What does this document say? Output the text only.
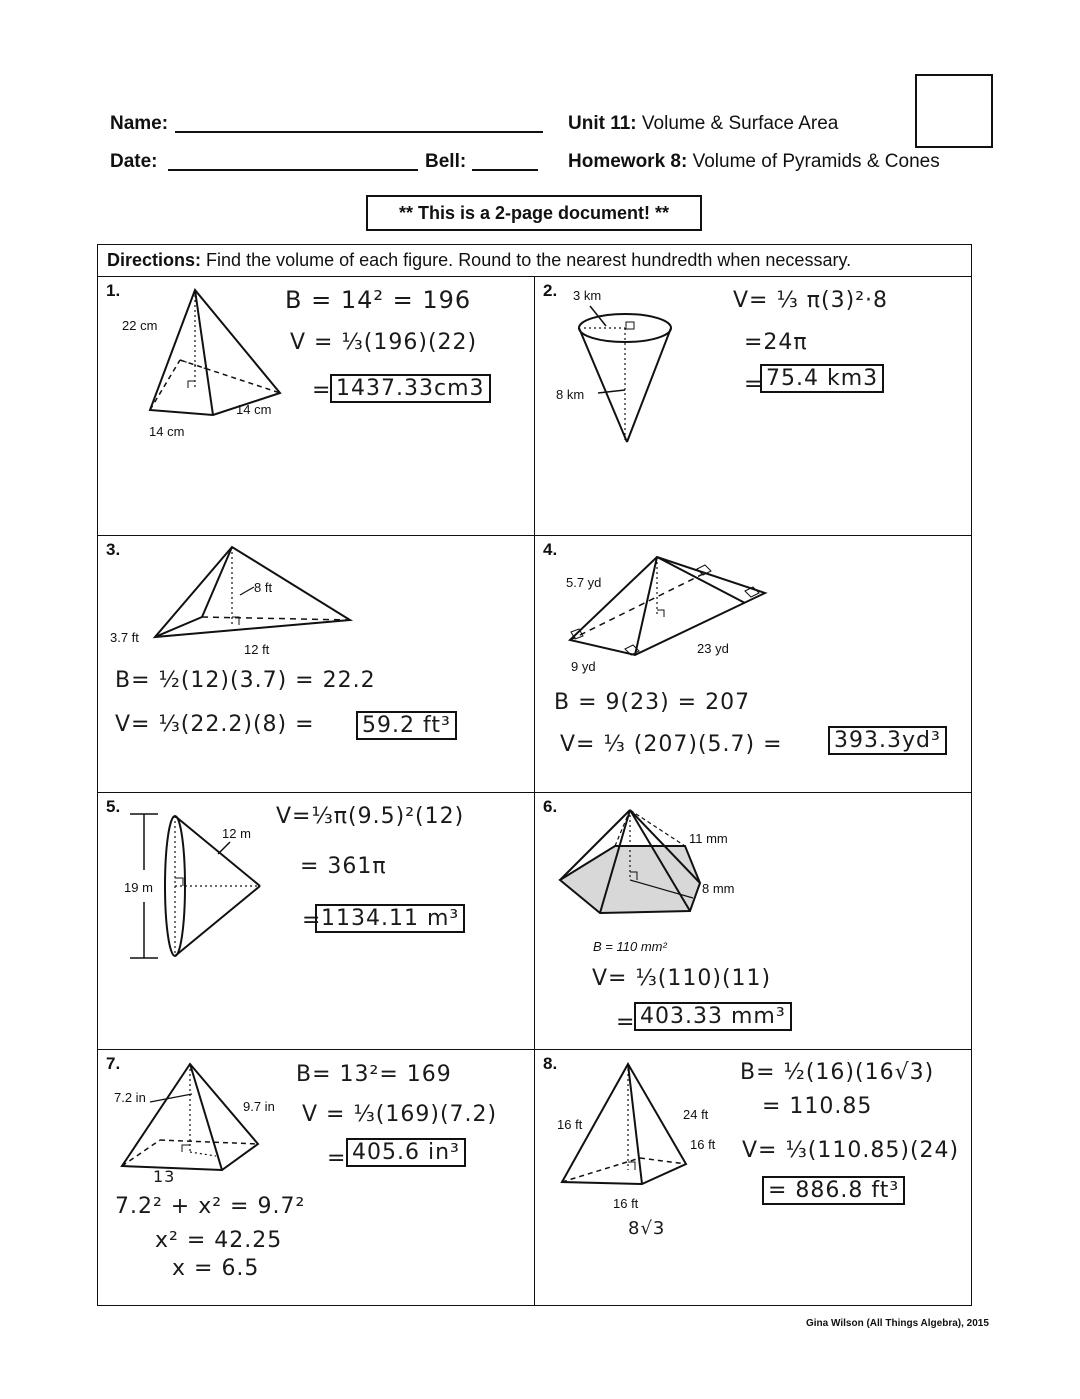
Name:
Date:	Bell:
Unit 11: Volume & Surface Area
Homework 8: Volume of Pyramids & Cones
** This is a 2-page document! **
Directions: Find the volume of each figure. Round to the nearest hundredth when necessary.
1.
22 cm
14 cm
14 cm
B = 14² = 196
V = ⅓(196)(22)
= 1437.33cm3
2. 3 km
8 km
V= ⅓ π(3)²·8
=24π
= 75.4 km3
3.
8 ft
3.7 ft
12 ft
B= ½(12)(3.7) = 22.2
V= ⅓(22.2)(8) = 59.2 ft³
4.
5.7 yd
9 yd
23 yd
B = 9(23) = 207
V= ⅓ (207)(5.7) = 393.3yd³
5.
12 m
19 m
V=⅓π(9.5)²(12)
= 361π
= 1134.11 m³
6.
11 mm
8 mm
B = 110 mm²
V= ⅓(110)(11)
= 403.33 mm³
7.
7.2 in
9.7 in
13
B= 13²= 169
V = ⅓(169)(7.2)
= 405.6 in³
7.2² + x² = 9.7²
x² = 42.25
x = 6.5
8.
16 ft
24 ft
16 ft
16 ft
8√3
B= ½(16)(16√3)
= 110.85
V= ⅓(110.85)(24)
= 886.8 ft³
Gina Wilson (All Things Algebra), 2015
